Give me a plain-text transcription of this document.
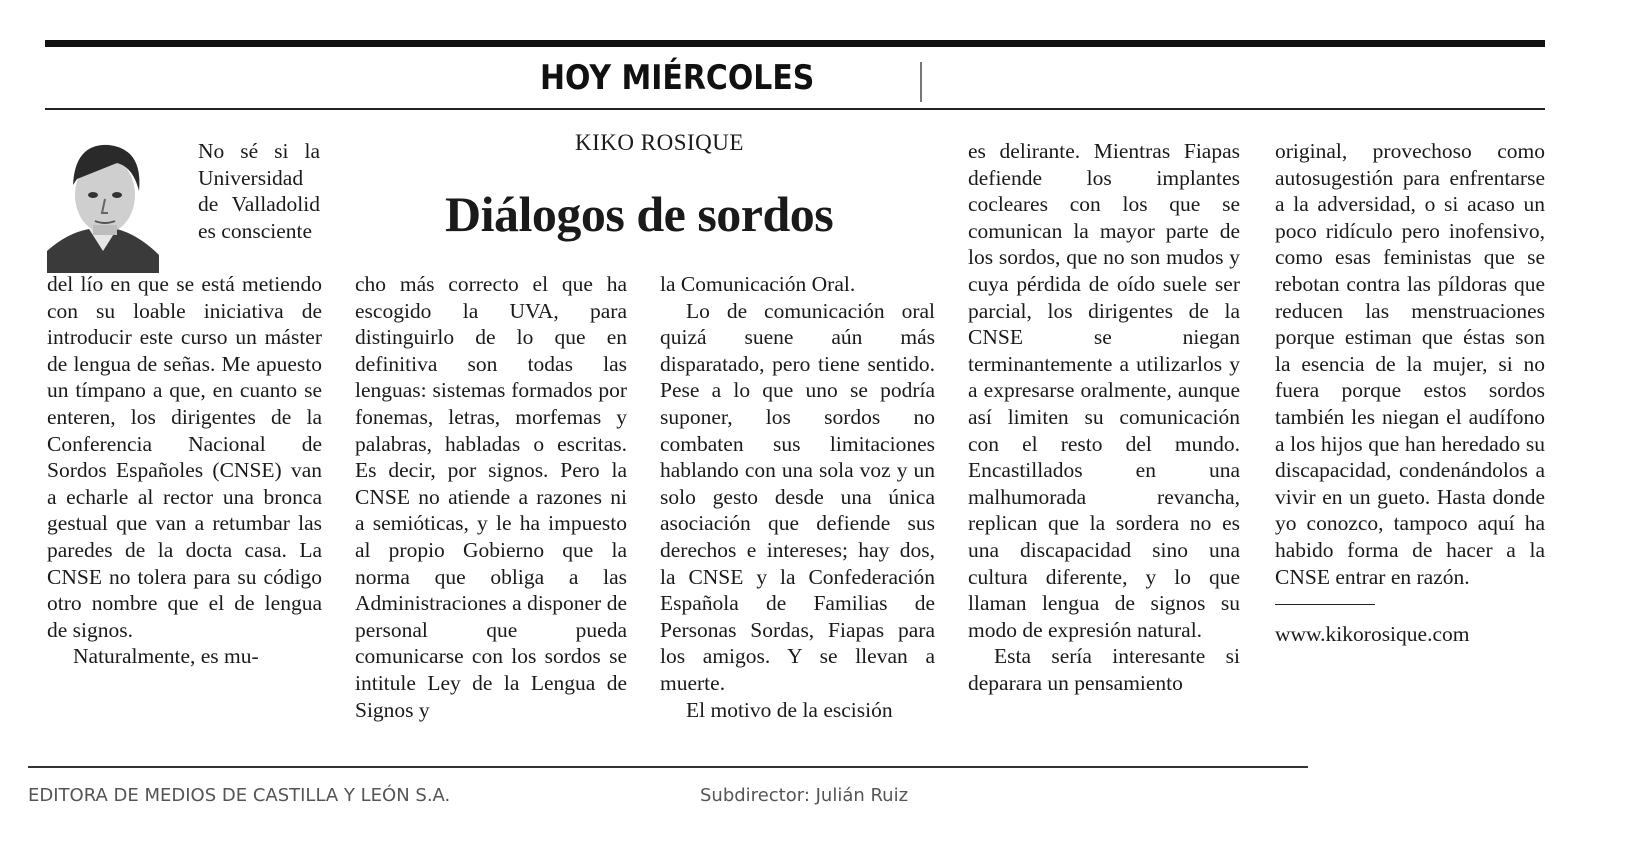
HOY MIÉRCOLES
KIKO ROSIQUE
Diálogos de sordos

No sé si la Universidad de Valladolid es consciente

del lío en que se está metiendo con su loable iniciativa de introducir este curso un máster de lengua de señas. Me apuesto un tímpano a que, en cuanto se enteren, los dirigentes de la Conferencia Nacional de Sordos Españoles (CNSE) van a echarle al rector una bronca gestual que van a retumbar las paredes de la docta casa. La CNSE no tolera para su código otro nombre que el de lengua de signos.

Naturalmente, es mu-

cho más correcto el que ha escogido la UVA, para distinguirlo de lo que en definitiva son todas las lenguas: sistemas formados por fonemas, letras, morfemas y palabras, habladas o escritas. Es decir, por signos. Pero la CNSE no atiende a razones ni a semióticas, y le ha impuesto al propio Gobierno que la norma que obliga a las Administraciones a disponer de personal que pueda comunicarse con los sordos se intitule Ley de la Lengua de Signos y

la Comunicación Oral.

Lo de comunicación oral quizá suene aún más disparatado, pero tiene sentido. Pese a lo que uno se podría suponer, los sordos no combaten sus limitaciones hablando con una sola voz y un solo gesto desde una única asociación que defiende sus derechos e intereses; hay dos, la CNSE y la Confederación Española de Familias de Personas Sordas, Fiapas para los amigos. Y se llevan a muerte.

El motivo de la escisión

es delirante. Mientras Fiapas defiende los implantes cocleares con los que se comunican la mayor parte de los sordos, que no son mudos y cuya pérdida de oído suele ser parcial, los dirigentes de la CNSE se niegan terminantemente a utilizarlos y a expresarse oralmente, aunque así limiten su comunicación con el resto del mundo. Encastillados en una malhumorada revancha, replican que la sordera no es una discapacidad sino una cultura diferente, y lo que llaman lengua de signos su modo de expresión natural.

Esta sería interesante si deparara un pensamiento

original, provechoso como autosugestión para enfrentarse a la adversidad, o si acaso un poco ridículo pero inofensivo, como esas feministas que se rebotan contra las píldoras que reducen las menstruaciones porque estiman que éstas son la esencia de la mujer, si no fuera porque estos sordos también les niegan el audífono a los hijos que han heredado su discapacidad, condenándolos a vivir en un gueto. Hasta donde yo conozco, tampoco aquí ha habido forma de hacer a la CNSE entrar en razón.

www.kikorosique.com

EDITORA DE MEDIOS DE CASTILLA Y LEÓN S.A.	Subdirector: Julián Ruiz
